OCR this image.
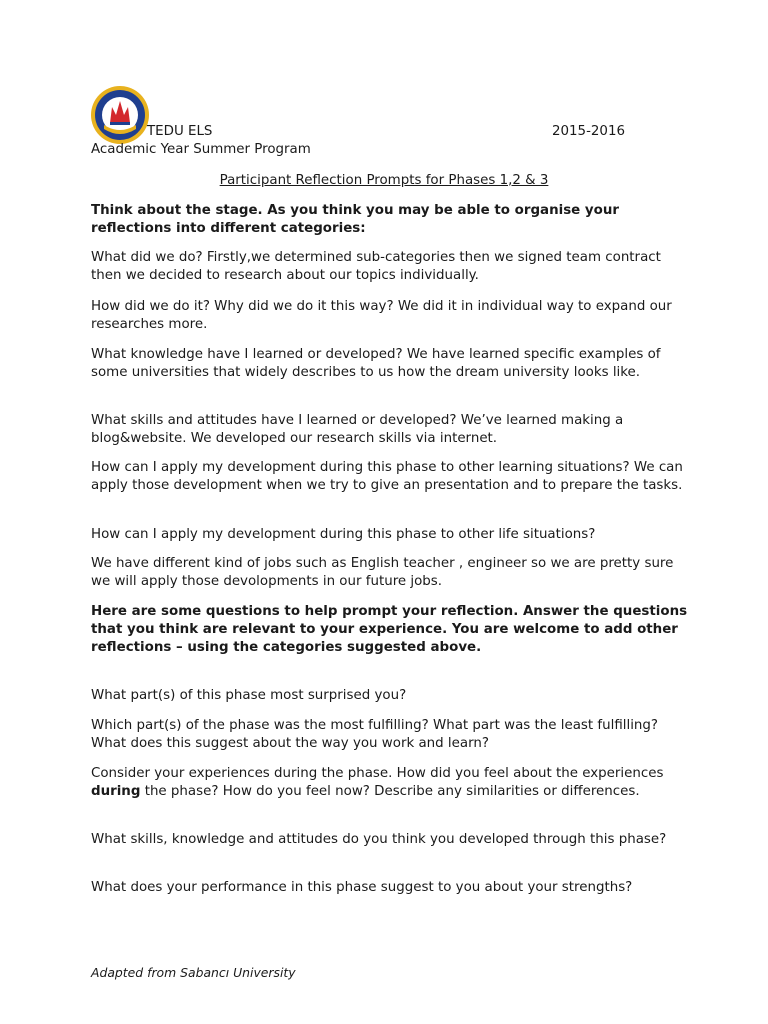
TEDU ELS	2015-2016
Academic Year Summer Program
Participant Reflection Prompts for Phases 1,2 & 3

Think about the stage. As you think you may be able to organise your reflections into different categories:

What did we do? Firstly,we determined sub-categories then we signed team contract then we decided to research about our topics individually.

How did we do it? Why did we do it this way? We did it in individual way to expand our researches more.

What knowledge have I learned or developed? We have learned specific examples of some universities that widely describes to us how the dream university looks like.

What skills and attitudes have I learned or developed? We’ve learned making a blog&website. We developed our research skills via internet.

How can I apply my development during this phase to other learning situations? We can apply those development when we try to give an presentation and to prepare the tasks.

How can I apply my development during this phase to other life situations?

We have different kind of jobs such as English teacher , engineer so we are pretty sure we will apply those devolopments in our future jobs.

Here are some questions to help prompt your reflection. Answer the questions that you think are relevant to your experience. You are welcome to add other reflections – using the categories suggested above.

What part(s) of this phase most surprised you?

Which part(s) of the phase was the most fulfilling? What part was the least fulfilling? What does this suggest about the way you work and learn?

Consider your experiences during the phase. How did you feel about the experiences during the phase? How do you feel now? Describe any similarities or differences.

What skills, knowledge and attitudes do you think you developed through this phase?

What does your performance in this phase suggest to you about your strengths?

Adapted from Sabancı University
